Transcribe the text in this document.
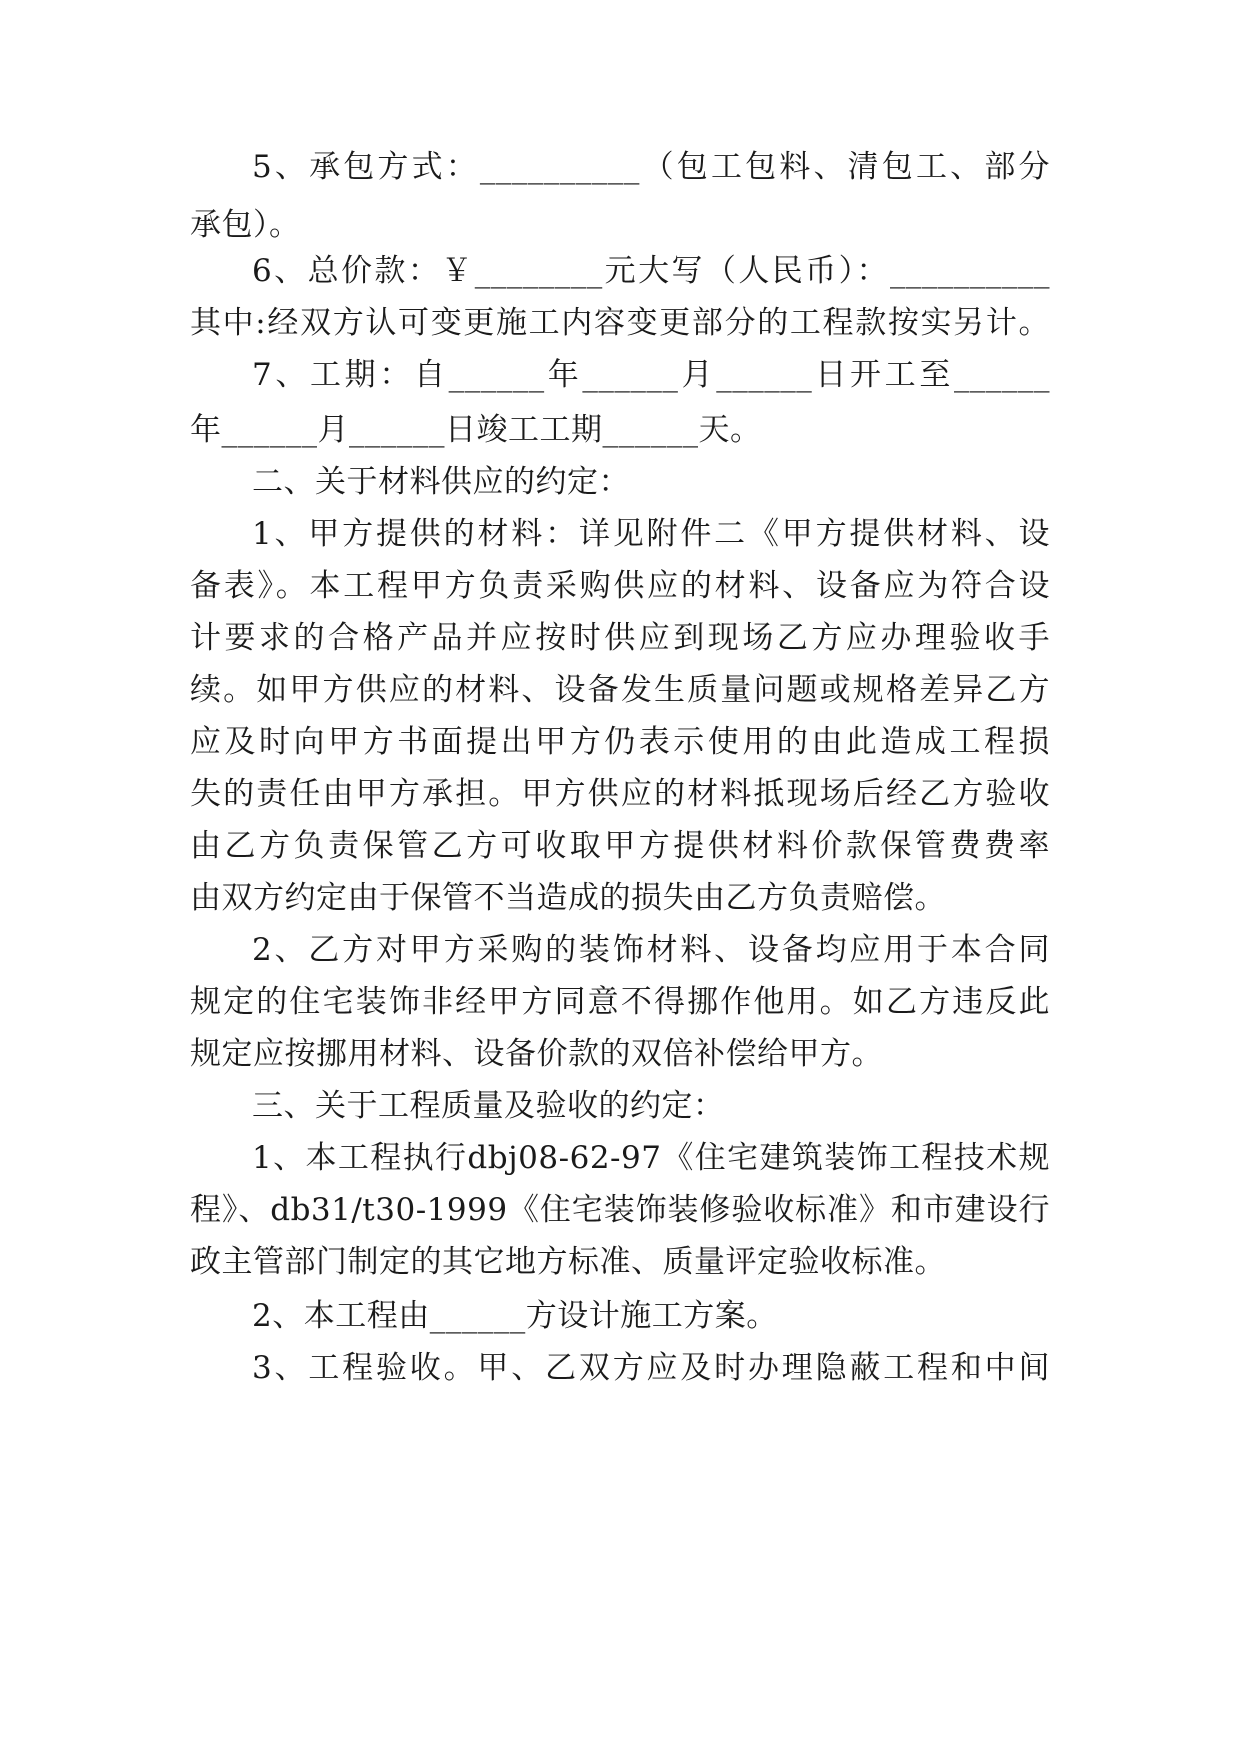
5、承包方式：__________（包工包料、清包工、部分
承包）。
6、总价款：￥________元大写（人民币）：__________
其中:经双方认可变更施工内容变更部分的工程款按实另计。
7、工期：自______年______月______日开工至______
年______月______日竣工工期______天。
二、关于材料供应的约定：
1、甲方提供的材料：详见附件二《甲方提供材料、设
备表》。本工程甲方负责采购供应的材料、设备应为符合设
计要求的合格产品并应按时供应到现场乙方应办理验收手
续。如甲方供应的材料、设备发生质量问题或规格差异乙方
应及时向甲方书面提出甲方仍表示使用的由此造成工程损
失的责任由甲方承担。甲方供应的材料抵现场后经乙方验收
由乙方负责保管乙方可收取甲方提供材料价款保管费费率
由双方约定由于保管不当造成的损失由乙方负责赔偿。
2、乙方对甲方采购的装饰材料、设备均应用于本合同
规定的住宅装饰非经甲方同意不得挪作他用。如乙方违反此
规定应按挪用材料、设备价款的双倍补偿给甲方。
三、关于工程质量及验收的约定：
1、本工程执行dbj08-62-97《住宅建筑装饰工程技术规
程》、db31/t30-1999《住宅装饰装修验收标准》和市建设行
政主管部门制定的其它地方标准、质量评定验收标准。
2、本工程由______方设计施工方案。
3、工程验收。甲、乙双方应及时办理隐蔽工程和中间
